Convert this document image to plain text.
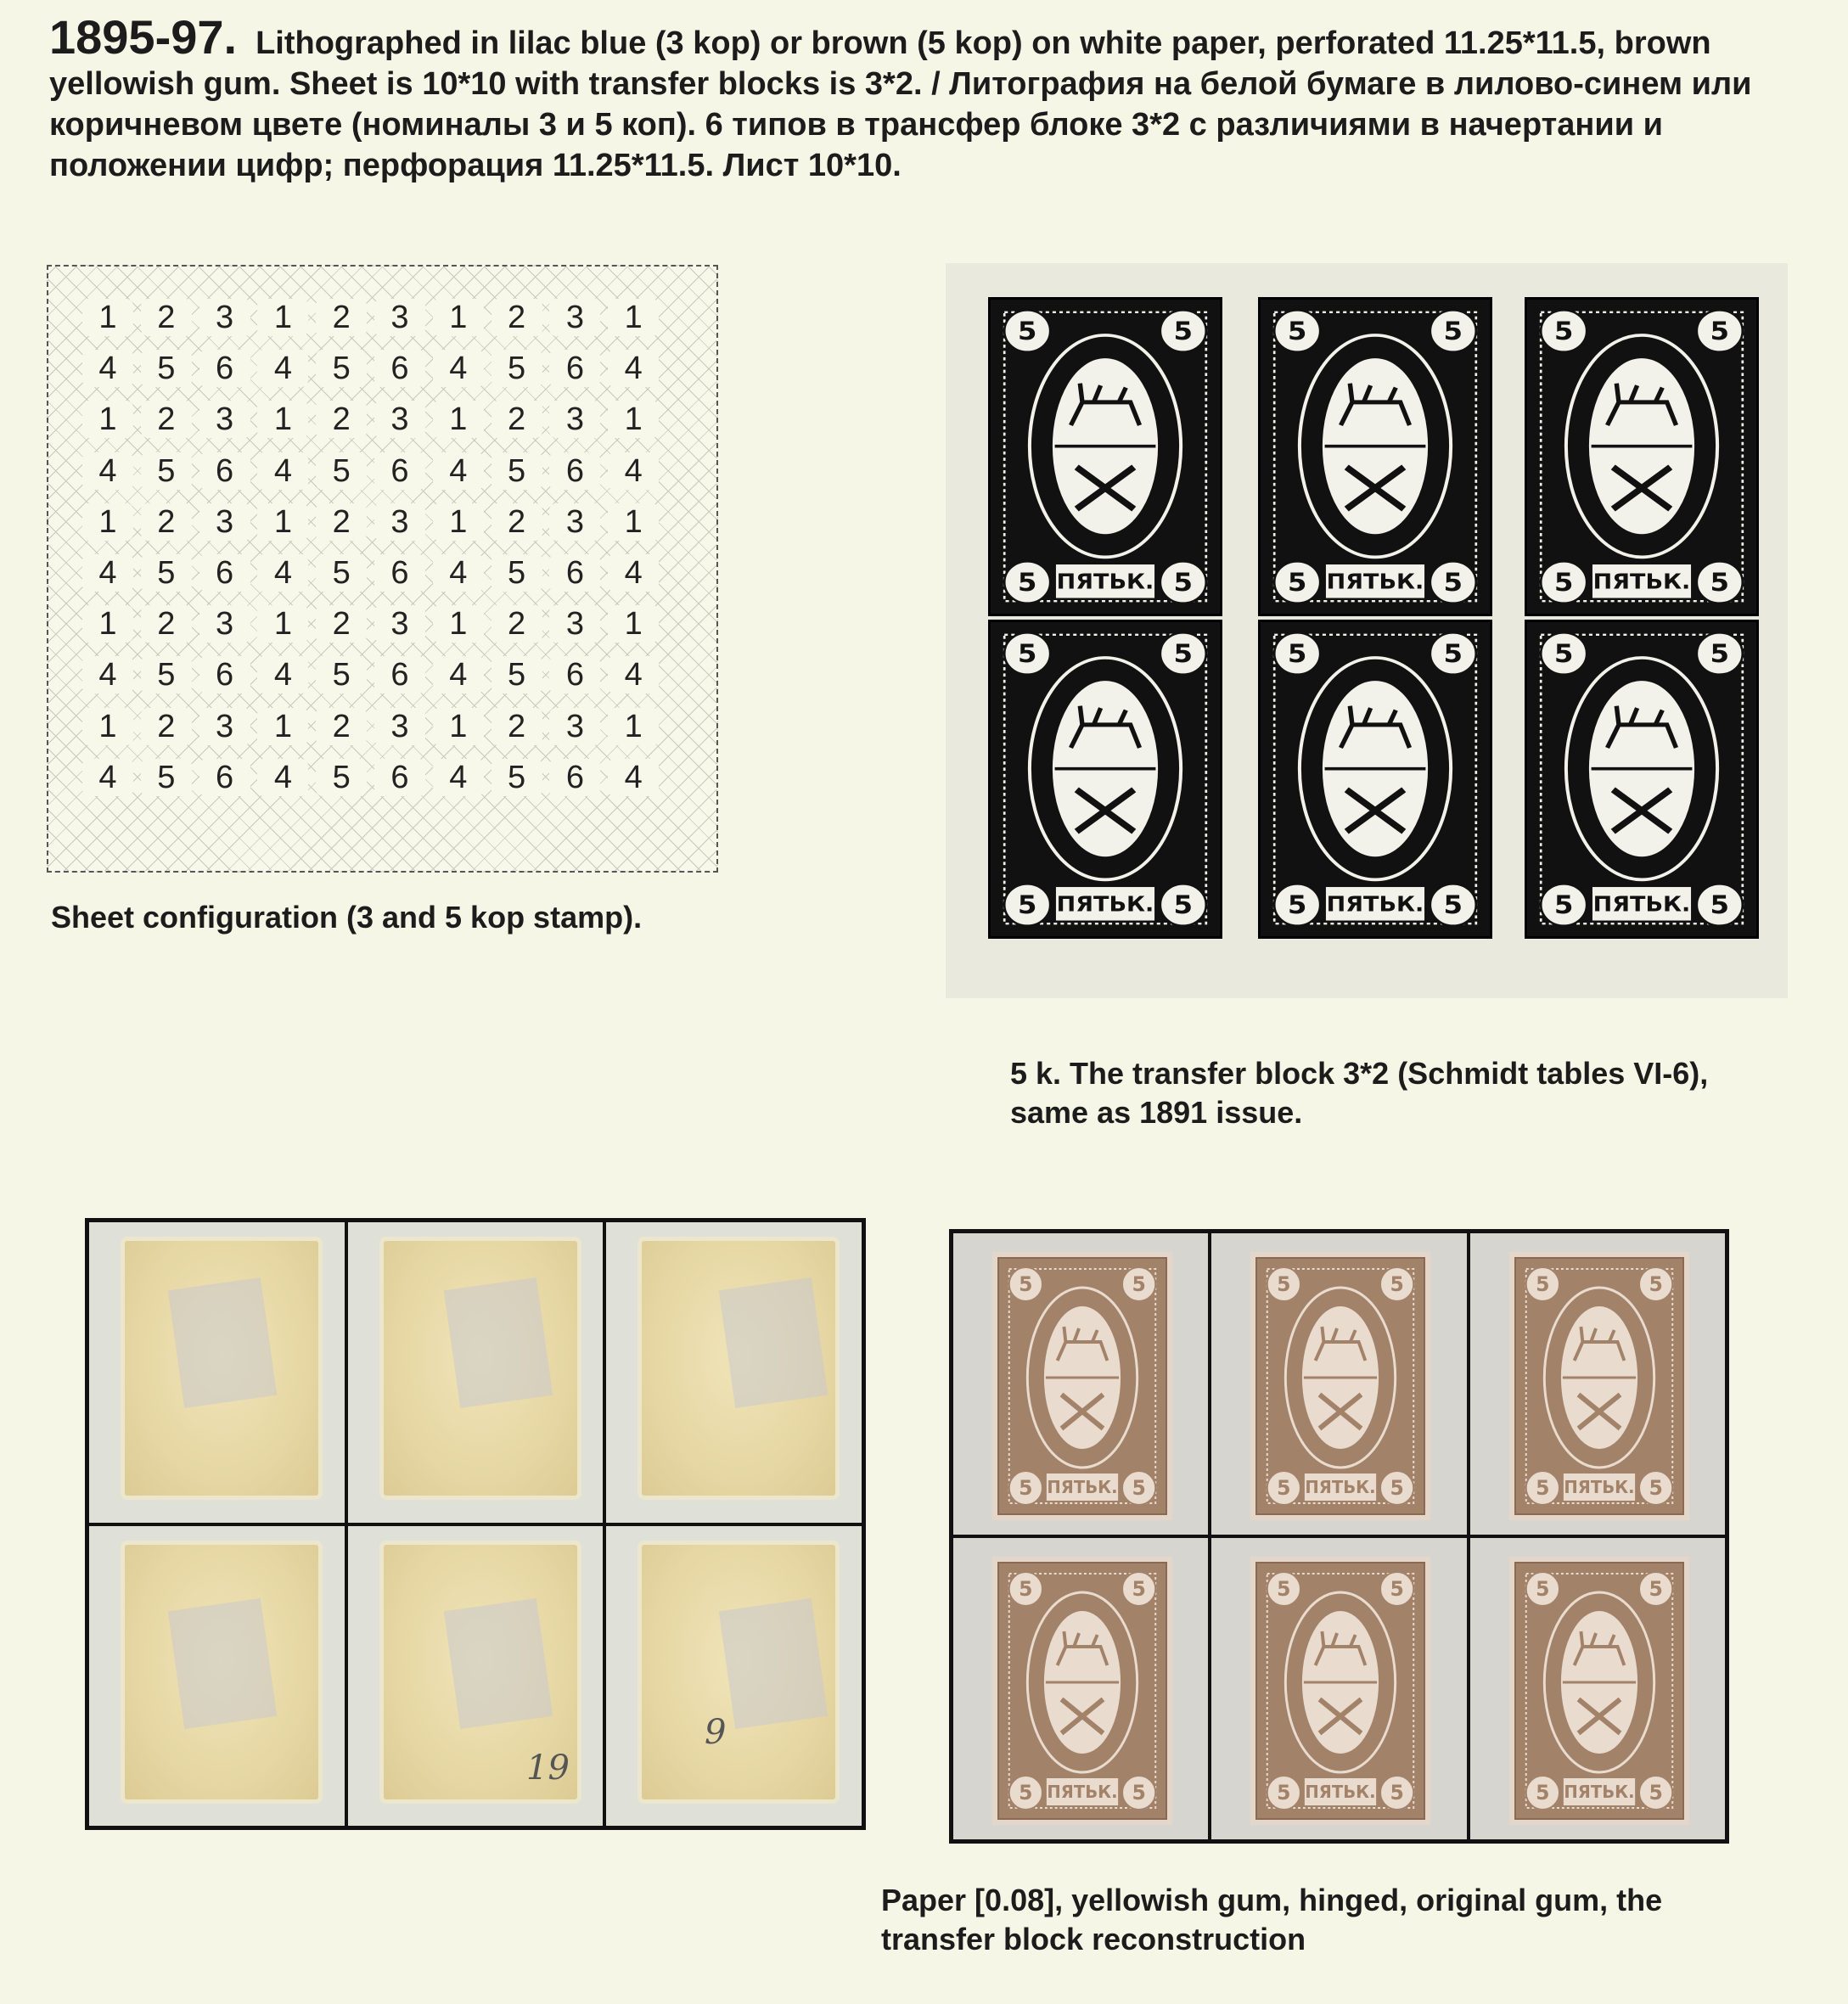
1895-97. Lithographed in lilac blue (3 kop) or brown (5 kop) on white paper, perforated 11.25*11.5, brown yellowish gum. Sheet is 10*10 with transfer blocks is 3*2. / Литография на белой бумаге в лилово-синем или коричневом цвете (номиналы 3 и 5 коп). 6 типов в трансфер блоке 3*2 с различиями в начертании и положении цифр; перфорация 11.25*11.5. Лист 10*10.
1	2	3	1	2	3	1	2	3	1
4	5	6	4	5	6	4	5	6	4
1	2	3	1	2	3	1	2	3	1
4	5	6	4	5	6	4	5	6	4
1	2	3	1	2	3	1	2	3	1
4	5	6	4	5	6	4	5	6	4
1	2	3	1	2	3	1	2	3	1
4	5	6	4	5	6	4	5	6	4
1	2	3	1	2	3	1	2	3	1
4	5	6	4	5	6	4	5	6	4
Sheet configuration (3 and 5 kop stamp).
5	5
5	5
ПЯТЬК.
5	5
5	5
ПЯТЬК.
5	5
5	5
ПЯТЬК.
5	5
5	5
ПЯТЬК.
5	5
5	5
ПЯТЬК.
5	5
5	5
ПЯТЬК.
5 k. The transfer block 3*2 (Schmidt tables VI-6),
same as 1891 issue.
5	5
5	5
ПЯТЬК.
5	5
5	5
ПЯТЬК.
5	5
5	5
ПЯТЬК.
5	5
5	5
ПЯТЬК.
5	5
5	5
ПЯТЬК.
5	5
5	5
ПЯТЬК.
Paper [0.08], yellowish gum, hinged, original gum, the
transfer block reconstruction
19
9
